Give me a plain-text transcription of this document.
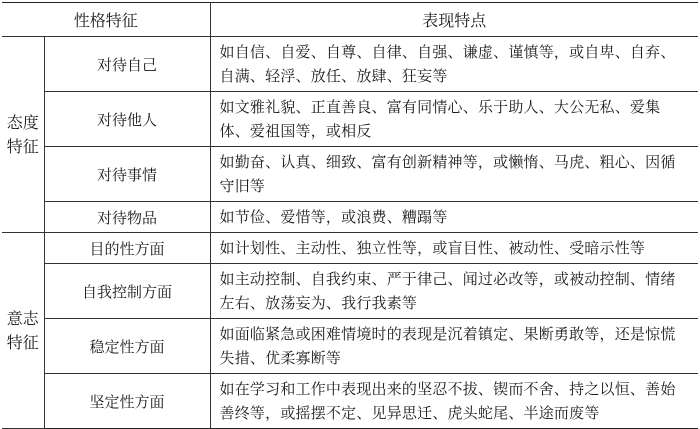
性格特征		表现特点

态度
特征	对待自己	如自信、自爱、自尊、自律、自强、谦虚、谨慎等，或自卑、自弃、自满、轻浮、放任、放肆、狂妄等
	对待他人	如文雅礼貌、正直善良、富有同情心、乐于助人、大公无私、爱集体、爱祖国等，或相反
	对待事情	如勤奋、认真、细致、富有创新精神等，或懒惰、马虎、粗心、因循守旧等
	对待物品	如节俭、爱惜等，或浪费、糟蹋等

意志
特征	目的性方面	如计划性、主动性、独立性等，或盲目性、被动性、受暗示性等
	自我控制方面	如主动控制、自我约束、严于律己、闻过必改等，或被动控制、情绪左右、放荡妄为、我行我素等
	稳定性方面	如面临紧急或困难情境时的表现是沉着镇定、果断勇敢等，还是惊慌失措、优柔寡断等
	坚定性方面	如在学习和工作中表现出来的坚忍不拔、锲而不舍、持之以恒、善始善终等，或摇摆不定、见异思迁、虎头蛇尾、半途而废等
